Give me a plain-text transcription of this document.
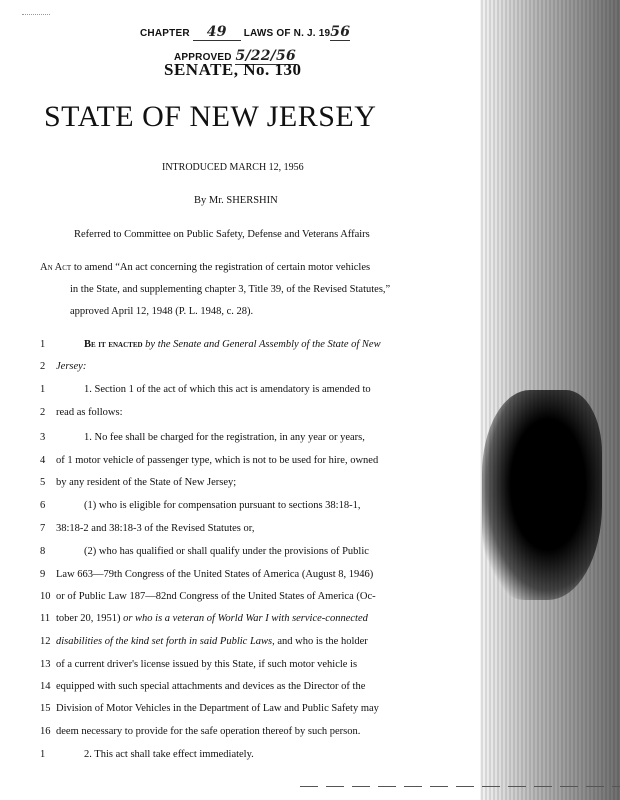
CHAPTER 49 LAWS OF N. J. 1956
APPROVED 5/22/56
SENATE, No. 130
STATE OF NEW JERSEY
INTRODUCED MARCH 12, 1956
By Mr. SHERSHIN
Referred to Committee on Public Safety, Defense and Veterans Affairs
An Act to amend “An act concerning the registration of certain motor vehicles
in the State, and supplementing chapter 3, Title 39, of the Revised Statutes,”
approved April 12, 1948 (P. L. 1948, c. 28).
1	Be it enacted by the Senate and General Assembly of the State of New
2	Jersey:
1	1. Section 1 of the act of which this act is amendatory is amended to
2	read as follows:
3	1. No fee shall be charged for the registration, in any year or years,
4	of 1 motor vehicle of passenger type, which is not to be used for hire, owned
5	by any resident of the State of New Jersey;
6	(1) who is eligible for compensation pursuant to sections 38:18-1,
7	38:18-2 and 38:18-3 of the Revised Statutes or,
8	(2) who has qualified or shall qualify under the provisions of Public
9	Law 663—79th Congress of the United States of America (August 8, 1946)
10 or of Public Law 187—82nd Congress of the United States of America (Oc-
11 tober 20, 1951) or who is a veteran of World War I with service-connected
12 disabilities of the kind set forth in said Public Laws, and who is the holder
13 of a current driver's license issued by this State, if such motor vehicle is
14 equipped with such special attachments and devices as the Director of the
15 Division of Motor Vehicles in the Department of Law and Public Safety may
16 deem necessary to provide for the safe operation thereof by such person.
1	2. This act shall take effect immediately.
